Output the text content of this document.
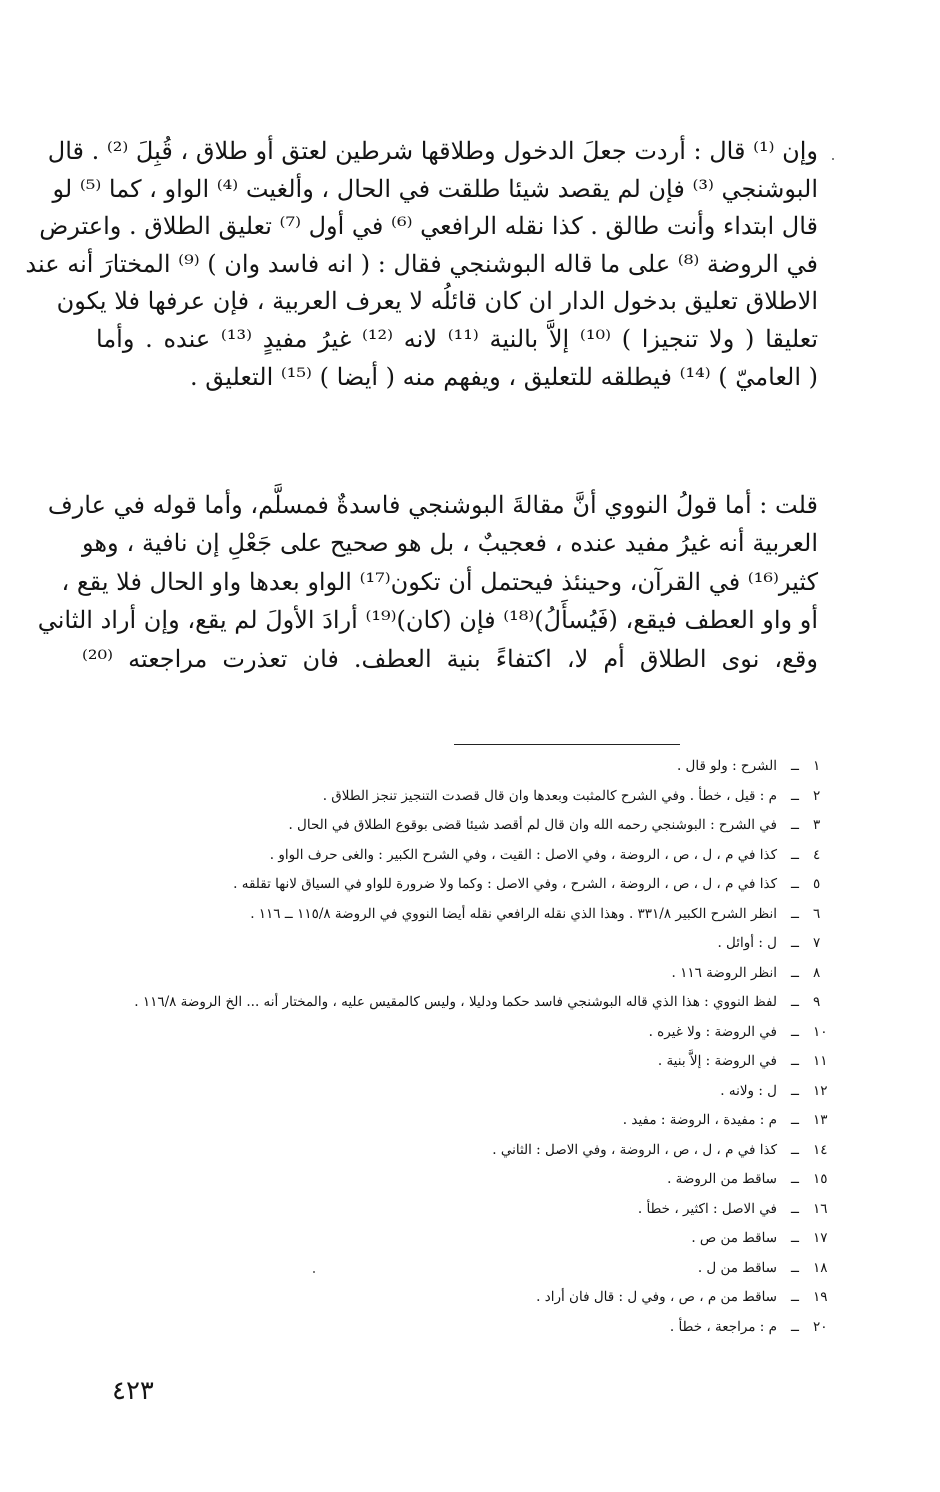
وإن ⁽¹⁾ قال : أردت جعلَ الدخول وطلاقها شرطين لعتق أو طلاق ، قُبِلَ ⁽²⁾ . قال
البوشنجي ⁽³⁾ فإن لم يقصد شيئا طلقت في الحال ، وألغيت ⁽⁴⁾ الواو ، كما ⁽⁵⁾ لو
قال ابتداء وأنت طالق . كذا نقله الرافعي ⁽⁶⁾ في أول ⁽⁷⁾ تعليق الطلاق . واعترض
في الروضة ⁽⁸⁾ على ما قاله البوشنجي فقال : ( انه فاسد وان ) ⁽⁹⁾ المختارَ أنه عند
الاطلاق تعليق بدخول الدار ان كان قائلُه لا يعرف العربية ، فإن عرفها فلا يكون
تعليقا ( ولا تنجيزا ) ⁽¹⁰⁾ إلاَّ بالنية ⁽¹¹⁾ لانه ⁽¹²⁾ غيرُ مفيدٍ ⁽¹³⁾ عنده . وأما
( العاميّ ) ⁽¹⁴⁾ فيطلقه للتعليق ، ويفهم منه ( أيضا ) ⁽¹⁵⁾ التعليق .
قلت : أما قولُ النووي أنَّ مقالةَ البوشنجي فاسدةٌ فمسلَّم، وأما قوله في عارف
العربية أنه غيرُ مفيد عنده ، فعجيبٌ ، بل هو صحيح على جَعْلِ إن نافية ، وهو
كثير⁽¹⁶⁾ في القرآن، وحينئذ فيحتمل أن تكون⁽¹⁷⁾ الواو بعدها واو الحال فلا يقع ،
أو واو العطف فيقع، (فَيُسأَلُ)⁽¹⁸⁾ فإن (كان)⁽¹⁹⁾ أرادَ الأولَ لم يقع، وإن أراد الثاني
وقع، نوى الطلاق أم لا، اكتفاءً بنية العطف. فان تعذرت مراجعته ⁽²⁰⁾
١
ــ
الشرح : ولو قال .
٢
ــ
م : قيل ، خطأ . وفي الشرح كالمثبت وبعدها وان قال قصدت التنجيز تنجز الطلاق .
٣
ــ
في الشرح : البوشنجي رحمه الله وان قال لم أقصد شيئا قضى بوقوع الطلاق في الحال .
٤
ــ
كذا في م ، ل ، ص ، الروضة ، وفي الاصل : القيت ، وفي الشرح الكبير : والغى حرف الواو .
٥
ــ
كذا في م ، ل ، ص ، الروضة ، الشرح ، وفي الاصل : وكما ولا ضرورة للواو في السياق لانها تقلقه .
٦
ــ
انظر الشرح الكبير ٣٣١/٨ . وهذا الذي نقله الرافعي نقله أيضا النووي في الروضة ١١٥/٨ ــ ١١٦ .
٧
ــ
ل : أوائل .
٨
ــ
انظر الروضة ١١٦ .
٩
ــ
لفظ النووي : هذا الذي قاله البوشنجي فاسد حكما ودليلا ، وليس كالمقيس عليه ، والمختار أنه ... الخ الروضة ١١٦/٨ .
١٠
ــ
في الروضة : ولا غيره .
١١
ــ
في الروضة : إلاَّ بنية .
١٢
ــ
ل : ولانه .
١٣
ــ
م : مفيدة ، الروضة : مفيد .
١٤
ــ
كذا في م ، ل ، ص ، الروضة ، وفي الاصل : الثاني .
١٥
ــ
ساقط من الروضة .
١٦
ــ
في الاصل : اكثير ، خطأ .
١٧
ــ
ساقط من ص .
١٨
ــ
ساقط من ل .
١٩
ــ
ساقط من م ، ص ، وفي ل : قال فان أراد .
٢٠
ــ
م : مراجعة ، خطأ .
٤٢٣
